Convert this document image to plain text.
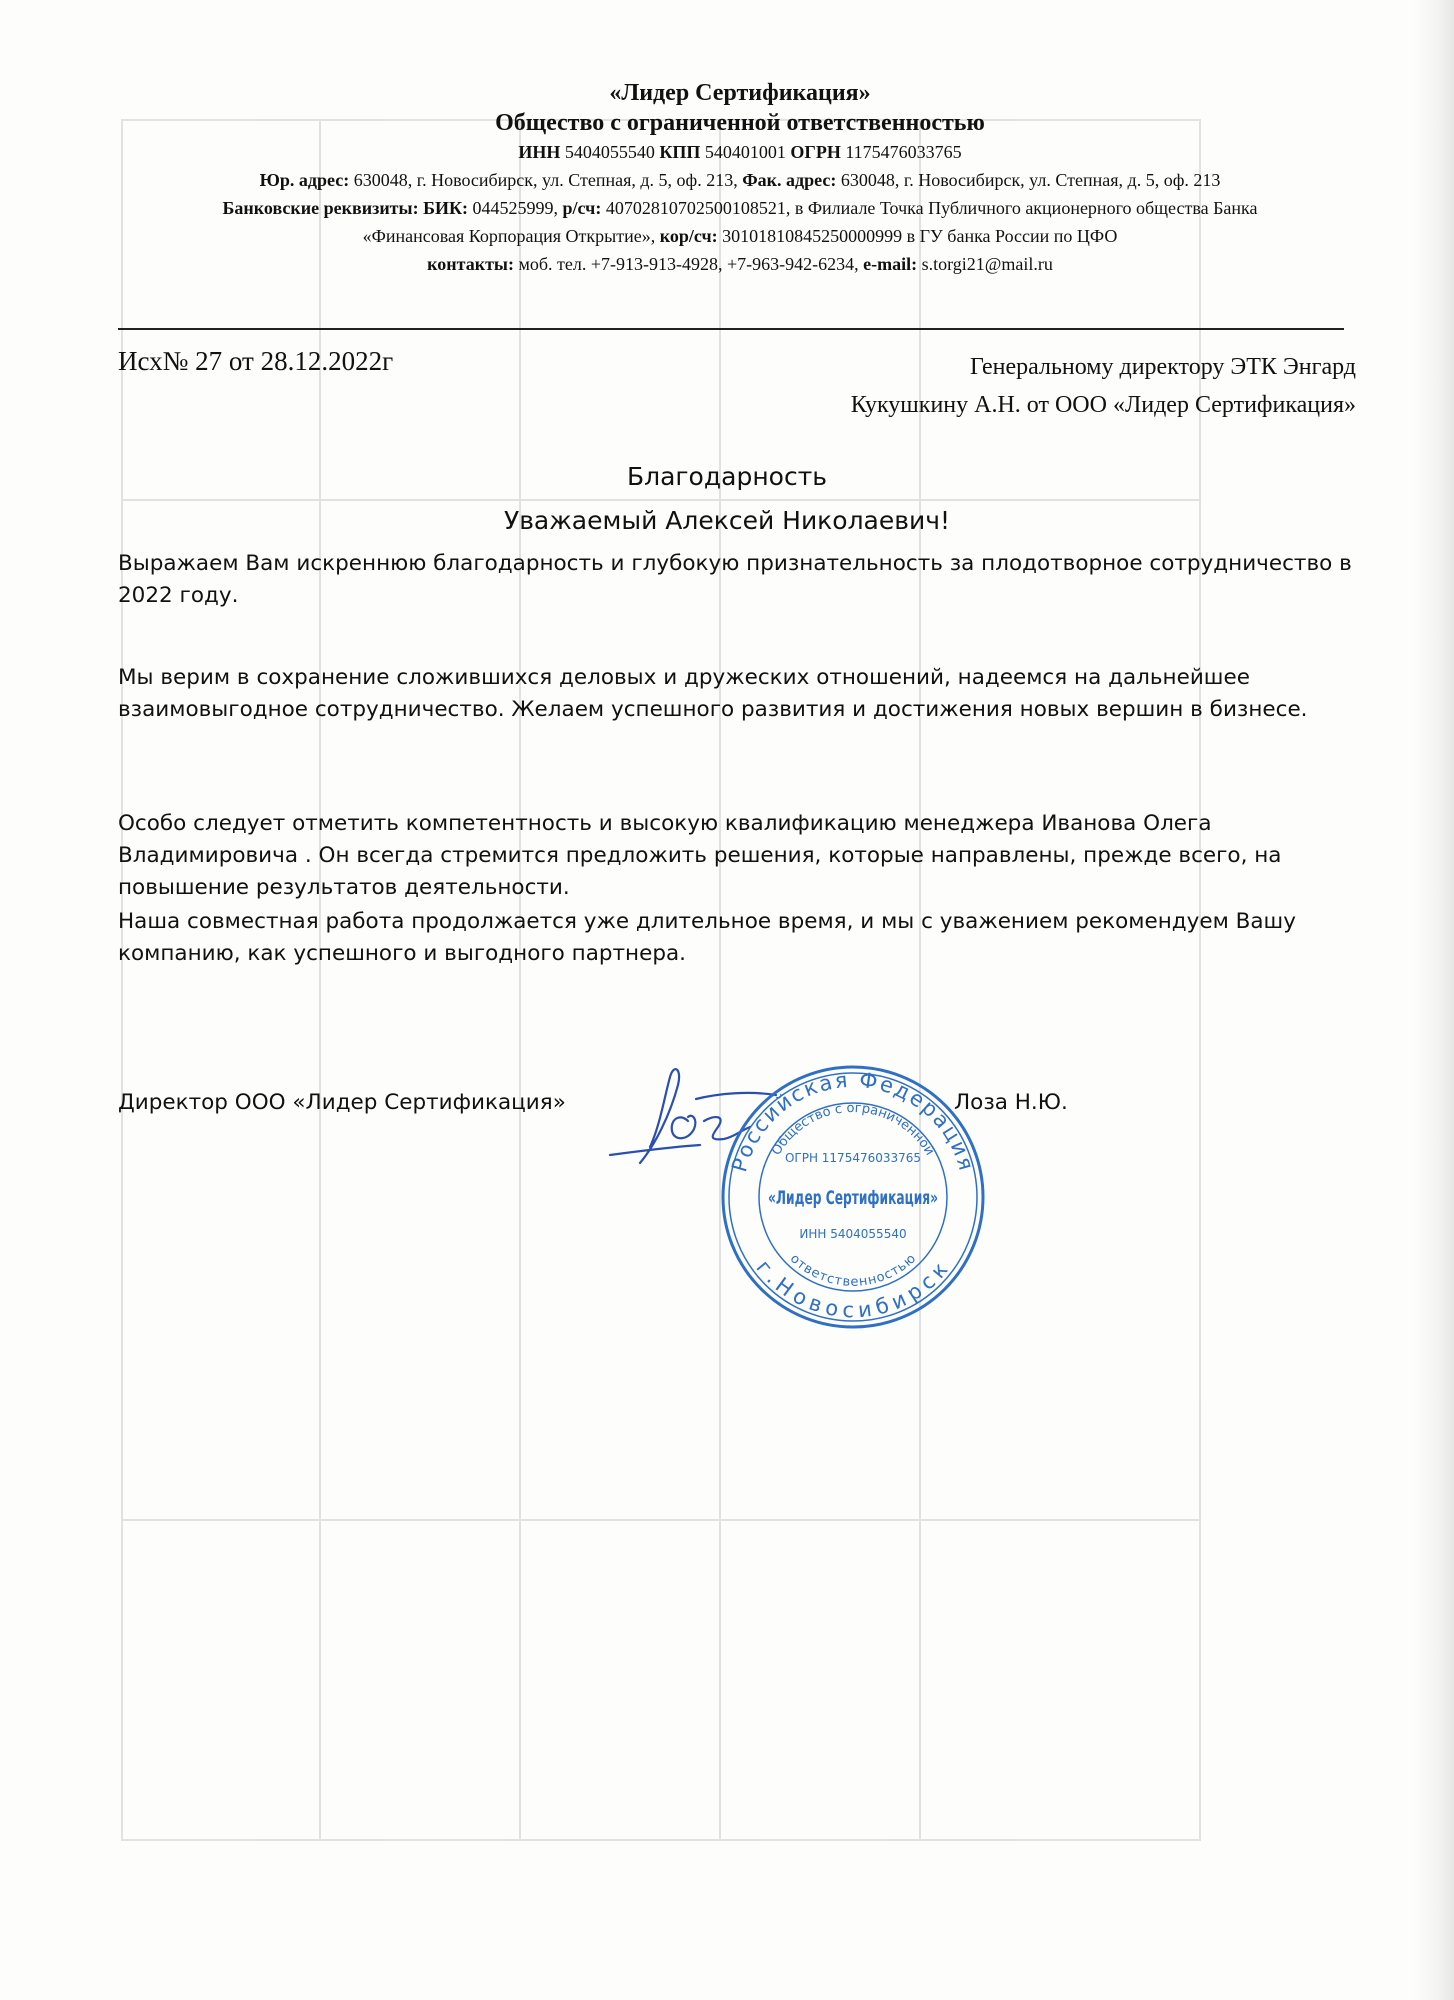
«Лидер Сертификация»
Общество с ограниченной ответственностью
ИНН 5404055540 КПП 540401001 ОГРН 1175476033765
Юр. адрес: 630048, г. Новосибирск, ул. Степная, д. 5, оф. 213, Фак. адрес: 630048, г. Новосибирск, ул. Степная, д. 5, оф. 213
Банковские реквизиты: БИК: 044525999, р/сч: 40702810702500108521, в Филиале Точка Публичного акционерного общества Банка
«Финансовая Корпорация Открытие», кор/сч: 30101810845250000999 в ГУ банка России по ЦФО
контакты: моб. тел. +7-913-913-4928, +7-963-942-6234, e-mail: s.torgi21@mail.ru
Исх№ 27 от 28.12.2022г	Генеральному директору ЭТК Энгард
Кукушкину А.Н. от ООО «Лидер Сертификация»
Благодарность
Уважаемый Алексей Николаевич!
Выражаем Вам искреннюю благодарность и глубокую признательность за плодотворное сотрудничество в 2022 году.
Мы верим в сохранение сложившихся деловых и дружеских отношений, надеемся на дальнейшее взаимовыгодное сотрудничество. Желаем успешного развития и достижения новых вершин в бизнесе.
Особо следует отметить компетентность и высокую квалификацию менеджера Иванова Олега Владимировича . Он всегда стремится предложить решения, которые направлены, прежде всего, на повышение результатов деятельности.
Наша совместная работа продолжается уже длительное время, и мы с уважением рекомендуем Вашу компанию, как успешного и выгодного партнера.
Директор ООО «Лидер Сертификация»
Российская Федерация
г.Новосибирск
Общество с ограниченной
ответственностью
ОГРН 1175476033765
«Лидер Сертификация»
ИНН 5404055540
Лоза Н.Ю.
